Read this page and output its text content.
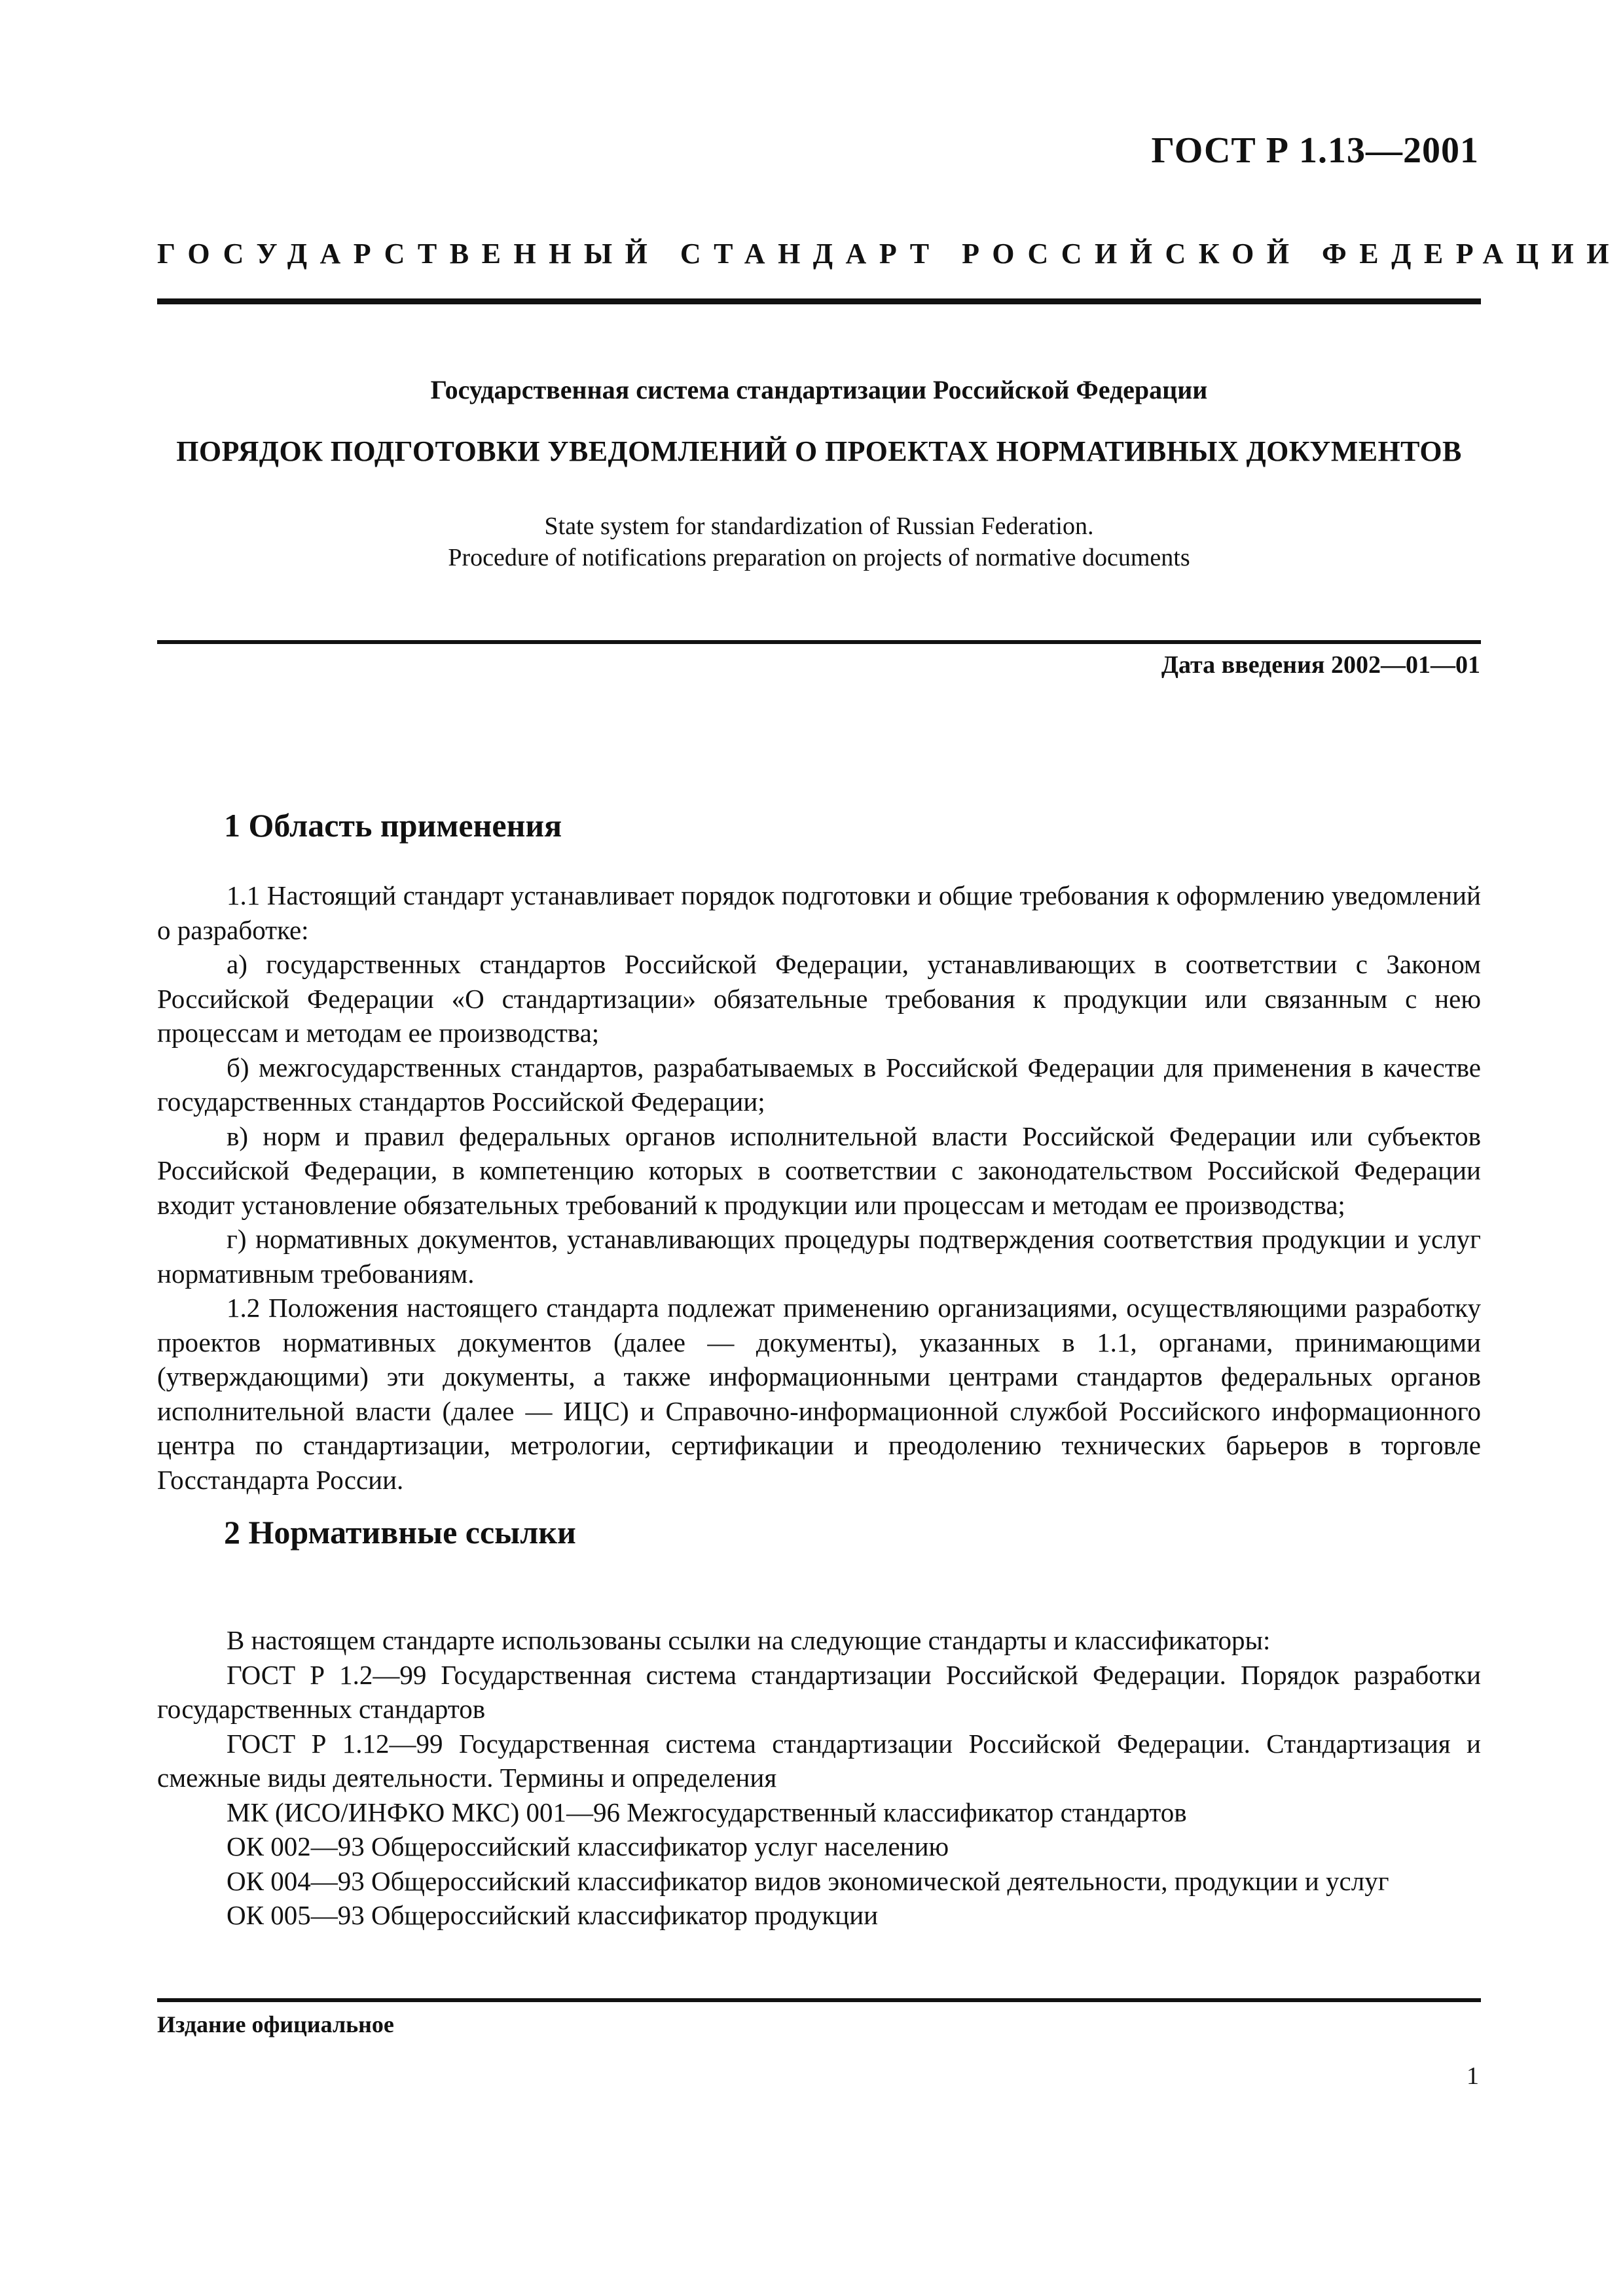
ГОСТ Р 1.13—2001
ГОСУДАРСТВЕННЫЙ СТАНДАРТ РОССИЙСКОЙ ФЕДЕРАЦИИ
Государственная система стандартизации Российской Федерации
ПОРЯДОК ПОДГОТОВКИ УВЕДОМЛЕНИЙ О ПРОЕКТАХ НОРМАТИВНЫХ ДОКУМЕНТОВ
State system for standardization of Russian Federation.
Procedure of notifications preparation on projects of normative documents
Дата введения 2002—01—01
1 Область применения

1.1 Настоящий стандарт устанавливает порядок подготовки и общие требования к оформлению уведомлений о разработке:

а) государственных стандартов Российской Федерации, устанавливающих в соответствии с Законом Российской Федерации «О стандартизации» обязательные требования к продукции или связанным с нею процессам и методам ее производства;

б) межгосударственных стандартов, разрабатываемых в Российской Федерации для применения в качестве государственных стандартов Российской Федерации;

в) норм и правил федеральных органов исполнительной власти Российской Федерации или субъектов Российской Федерации, в компетенцию которых в соответствии с законодательством Российской Федерации входит установление обязательных требований к продукции или процессам и методам ее производства;

г) нормативных документов, устанавливающих процедуры подтверждения соответствия продукции и услуг нормативным требованиям.

1.2 Положения настоящего стандарта подлежат применению организациями, осуществляющими разработку проектов нормативных документов (далее — документы), указанных в 1.1, органами, принимающими (утверждающими) эти документы, а также информационными центрами стандартов федеральных органов исполнительной власти (далее — ИЦС) и Справочно-информационной службой Российского информационного центра по стандартизации, метрологии, сертификации и преодолению технических барьеров в торговле Госстандарта России.

2 Нормативные ссылки

В настоящем стандарте использованы ссылки на следующие стандарты и классификаторы:

ГОСТ Р 1.2—99 Государственная система стандартизации Российской Федерации. Порядок разработки государственных стандартов

ГОСТ Р 1.12—99 Государственная система стандартизации Российской Федерации. Стандартизация и смежные виды деятельности. Термины и определения

МК (ИСО/ИНФКО МКС) 001—96 Межгосударственный классификатор стандартов

ОК 002—93 Общероссийский классификатор услуг населению

ОК 004—93 Общероссийский классификатор видов экономической деятельности, продукции и услуг

ОК 005—93 Общероссийский классификатор продукции

Издание официальное
1
